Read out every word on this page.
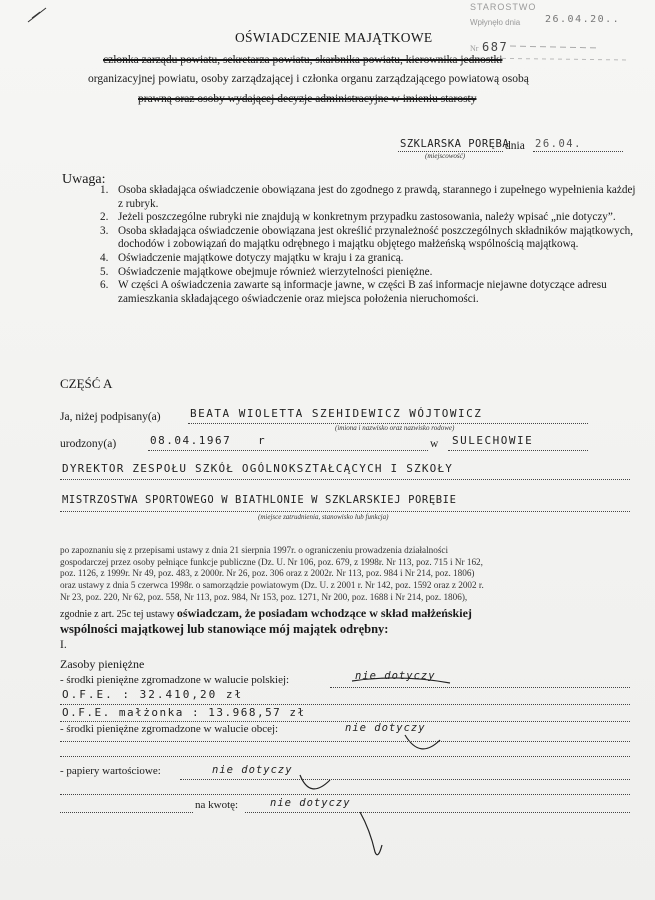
STAROSTWO
Wpłynęło dnia 26.04.20..
Nr 687
OŚWIADCZENIE MAJĄTKOWE
członka zarządu powiatu, sekretarza powiatu, skarbnika powiatu, kierownika jednostki
organizacyjnej powiatu, osoby zarządzającej i członka organu zarządzającego powiatową osobą
prawną oraz osoby wydającej decyzje administracyjne w imieniu starosty
SZKLARSKA PORĘBA
dnia 26.04.
(miejscowość)
Uwaga:
1. Osoba składająca oświadczenie obowiązana jest do zgodnego z prawdą, starannego i zupełnego wypełnienia każdej z rubryk.
2. Jeżeli poszczególne rubryki nie znajdują w konkretnym przypadku zastosowania, należy wpisać „nie dotyczy”.
3. Osoba składająca oświadczenie obowiązana jest określić przynależność poszczególnych składników majątkowych, dochodów i zobowiązań do majątku odrębnego i majątku objętego małżeńską wspólnością majątkową.
4. Oświadczenie majątkowe dotyczy majątku w kraju i za granicą.
5. Oświadczenie majątkowe obejmuje również wierzytelności pieniężne.
6. W części A oświadczenia zawarte są informacje jawne, w części B zaś informacje niejawne dotyczące adresu zamieszkania składającego oświadczenie oraz miejsca położenia nieruchomości.
CZĘŚĆ A
Ja, niżej podpisany(a)	BEATA WIOLETTA SZEHIDEWICZ WÓJTOWICZ
(imiona i nazwisko oraz nazwisko rodowe)
urodzony(a)	08.04.1967 r	w SULECHOWIE
DYREKTOR ZESPOŁU SZKÓŁ OGÓLNOKSZTAŁCĄCYCH I SZKOŁY
MISTRZOSTWA SPORTOWEGO W BIATHLONIE W SZKLARSKIEJ PORĘBIE
(miejsce zatrudnienia, stanowisko lub funkcja)
po zapoznaniu się z przepisami ustawy z dnia 21 sierpnia 1997r. o ograniczeniu prowadzenia działalności
gospodarczej przez osoby pełniące funkcje publiczne (Dz. U. Nr 106, poz. 679, z 1998r. Nr 113, poz. 715 i Nr 162,
poz. 1126, z 1999r. Nr 49, poz. 483, z 2000r. Nr 26, poz. 306 oraz z 2002r. Nr 113, poz. 984 i Nr 214, poz. 1806)
oraz ustawy z dnia 5 czerwca 1998r. o samorządzie powiatowym (Dz. U. z 2001 r. Nr 142, poz. 1592 oraz z 2002 r.
Nr 23, poz. 220, Nr 62, poz. 558, Nr 113, poz. 984, Nr 153, poz. 1271, Nr 200, poz. 1688 i Nr 214, poz. 1806),
zgodnie z art. 25c tej ustawy oświadczam, że posiadam wchodzące w skład małżeńskiej
wspólności majątkowej lub stanowiące mój majątek odrębny:
I.
Zasoby pieniężne
- środki pieniężne zgromadzone w walucie polskiej:	nie dotyczy
O.F.E. : 32.410,20 zł
O.F.E. małżonka : 13.968,57 zł
- środki pieniężne zgromadzone w walucie obcej:	nie dotyczy
- papiery wartościowe:	nie dotyczy
na kwotę:	nie dotyczy
